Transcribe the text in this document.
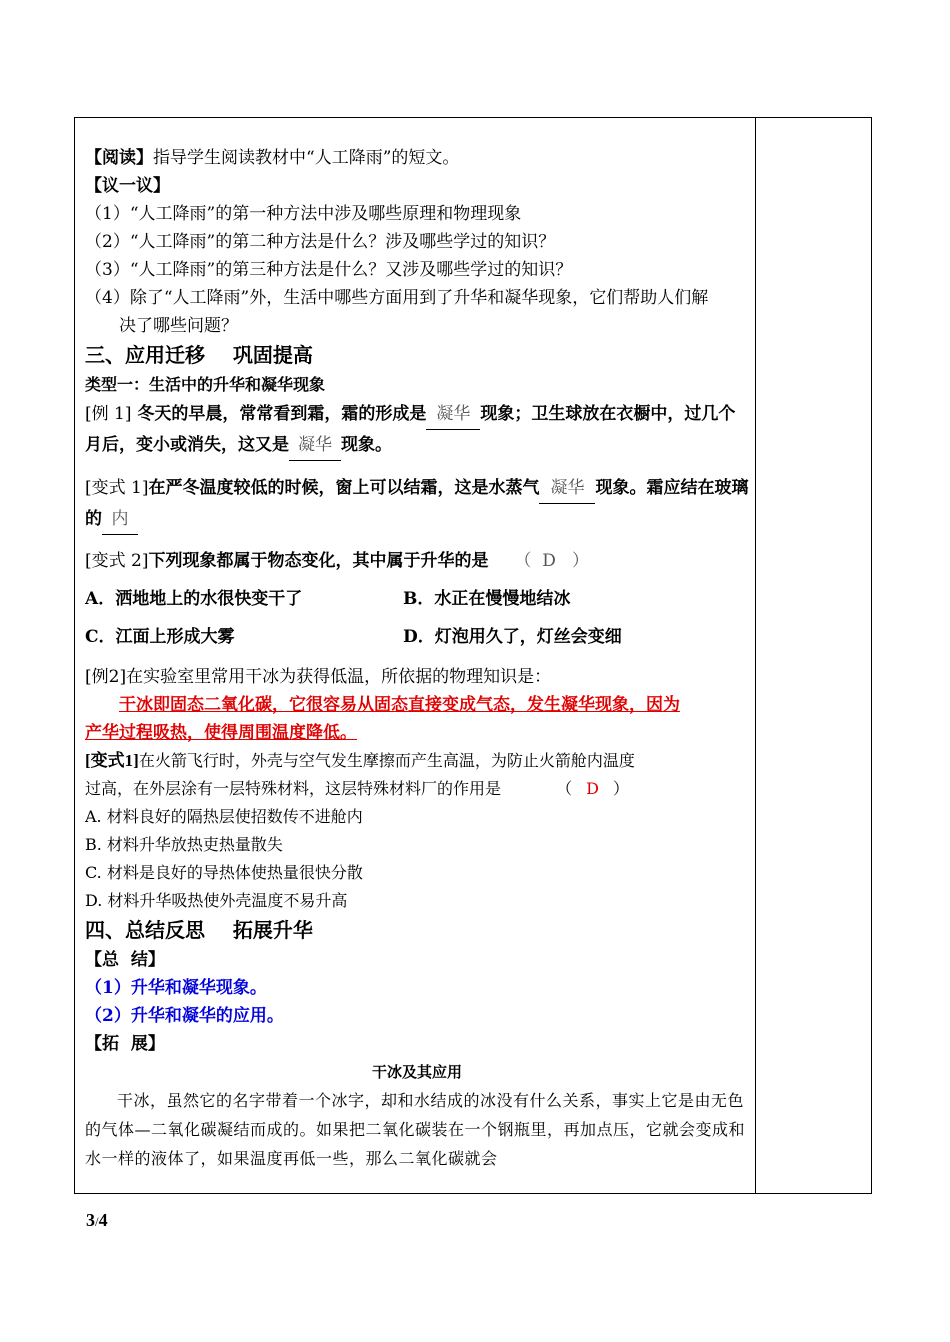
【阅读】指导学生阅读教材中“人工降雨”的短文。
【议一议】
（1）“人工降雨”的第一种方法中涉及哪些原理和物理现象
（2）“人工降雨”的第二种方法是什么？涉及哪些学过的知识？
（3）“人工降雨”的第三种方法是什么？又涉及哪些学过的知识？
（4）除了“人工降雨”外，生活中哪些方面用到了升华和凝华现象，它们帮助人们解
决了哪些问题？
三、应用迁移    巩固提高
类型一：生活中的升华和凝华现象
[例 1] 冬天的早晨，常常看到霜，霜的形成是 凝华 现象；卫生球放在衣橱中，过几个月后，变小或消失，这又是 凝华 现象。
[变式 1]在严冬温度较低的时候，窗上可以结霜，这是水蒸气 凝华 现象。霜应结在玻璃的 内
[变式 2]下列现象都属于物态变化，其中属于升华的是 （  D   ）
A．洒地地上的水很快变干了	B．水正在慢慢地结冰
C．江面上形成大雾	D．灯泡用久了，灯丝会变细
[例2]在实验室里常用干冰为获得低温，所依据的物理知识是：
干冰即固态二氧化碳，它很容易从固态直接变成气态，发生凝华现象，因为
产华过程吸热，使得周围温度降低。
[变式1]在火箭飞行时，外壳与空气发生摩擦而产生高温，为防止火箭舱内温度
过高，在外层涂有一层特殊材料，这层特殊材料厂的作用是	（ D ）
A. 材料良好的隔热层使招数传不进舱内
B. 材料升华放热吏热量散失
C. 材料是良好的导热体使热量很快分散
D. 材料升华吸热使外壳温度不易升高
四、总结反思    拓展升华
【总  结】
（1）升华和凝华现象。
（2）升华和凝华的应用。
【拓  展】
干冰及其应用
干冰，虽然它的名字带着一个冰字，却和水结成的冰没有什么关系，事实上它是由无色的气体—二氧化碳凝结而成的。如果把二氧化碳装在一个钢瓶里，再加点压，它就会变成和水一样的液体了，如果温度再低一些，那么二氧化碳就会
3/4
